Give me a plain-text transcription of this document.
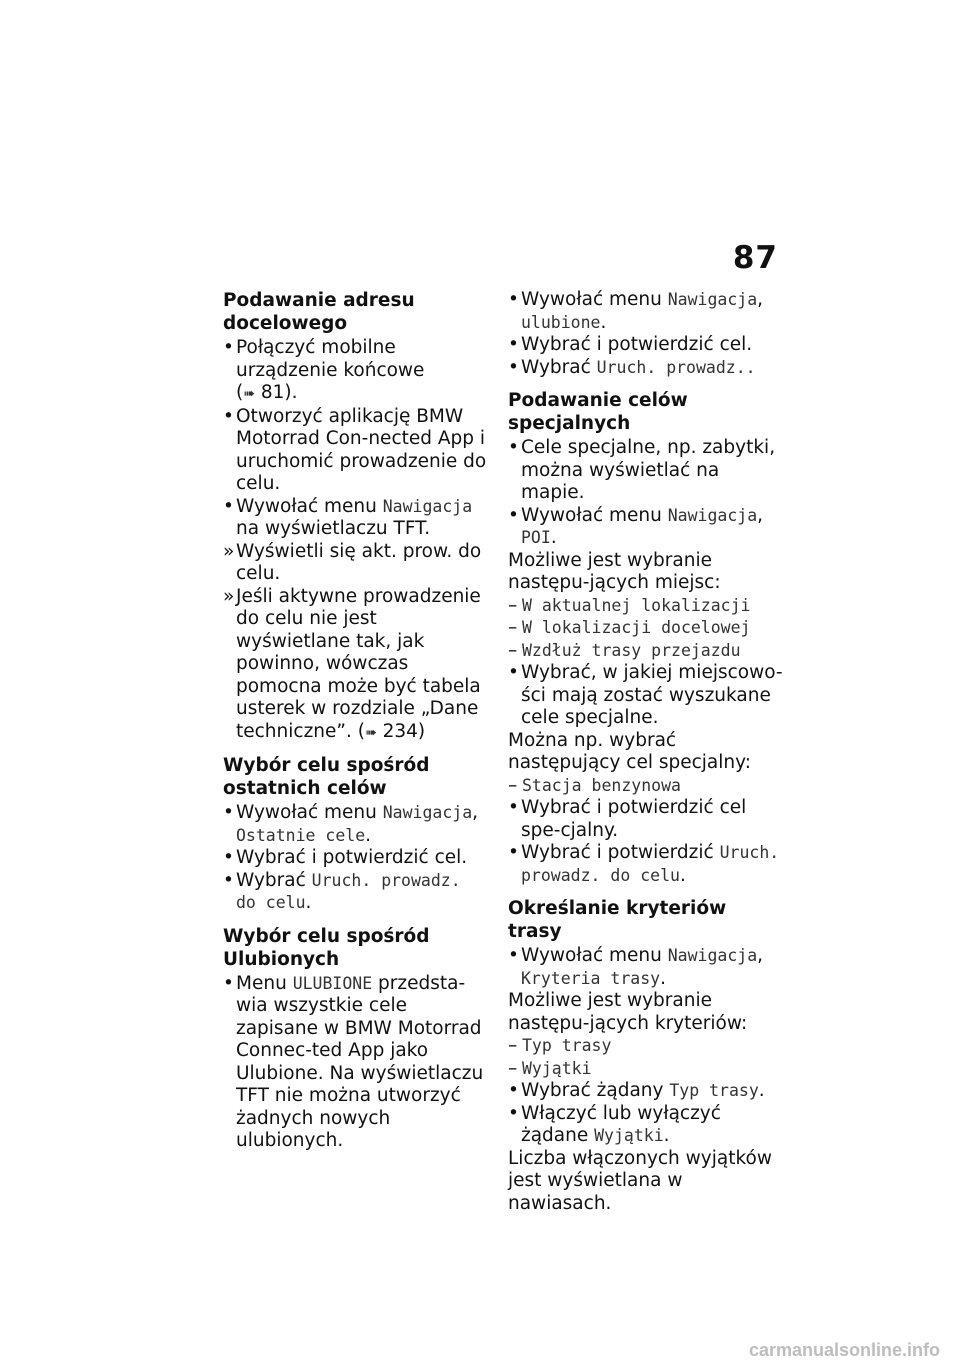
87
Podawanie adresu docelowego
• Połączyć mobilne urządzenie końcowe (➠ 81).
• Otworzyć aplikację BMW Motorrad Con-nected App i uruchomić prowadzenie do celu.
• Wywołać menu Nawigacja na wyświetlaczu TFT.
» Wyświetli się akt. prow. do celu.
» Jeśli aktywne prowadzenie do celu nie jest wyświetlane tak, jak powinno, wówczas pomocna może być tabela usterek w rozdziale „Dane techniczne”. (➠ 234)
Wybór celu spośród ostatnich celów
• Wywołać menu Nawigacja, Ostatnie cele.
• Wybrać i potwierdzić cel.
• Wybrać Uruch. prowadz. do celu.
Wybór celu spośród Ulubionych
• Menu ULUBIONE przedsta-wia wszystkie cele zapisane w BMW Motorrad Connec-ted App jako Ulubione. Na wyświetlaczu TFT nie można utworzyć żadnych nowych ulubionych.
• Wywołać menu Nawigacja, ulubione.
• Wybrać i potwierdzić cel.
• Wybrać Uruch. prowadz..
Podawanie celów specjalnych
• Cele specjalne, np. zabytki, można wyświetlać na mapie.
• Wywołać menu Nawigacja, POI.
Możliwe jest wybranie następu-jących miejsc:
– W aktualnej lokalizacji
– W lokalizacji docelowej
– Wzdłuż trasy przejazdu
• Wybrać, w jakiej miejscowo-ści mają zostać wyszukane cele specjalne.
Można np. wybrać następujący cel specjalny:
– Stacja benzynowa
• Wybrać i potwierdzić cel spe-cjalny.
• Wybrać i potwierdzić Uruch. prowadz. do celu.
Określanie kryteriów trasy
• Wywołać menu Nawigacja, Kryteria trasy.
Możliwe jest wybranie następu-jących kryteriów:
– Typ trasy
– Wyjątki
• Wybrać żądany Typ trasy.
• Włączyć lub wyłączyć żądane Wyjątki.
Liczba włączonych wyjątków jest wyświetlana w nawiasach.
carmanualsonline.info
